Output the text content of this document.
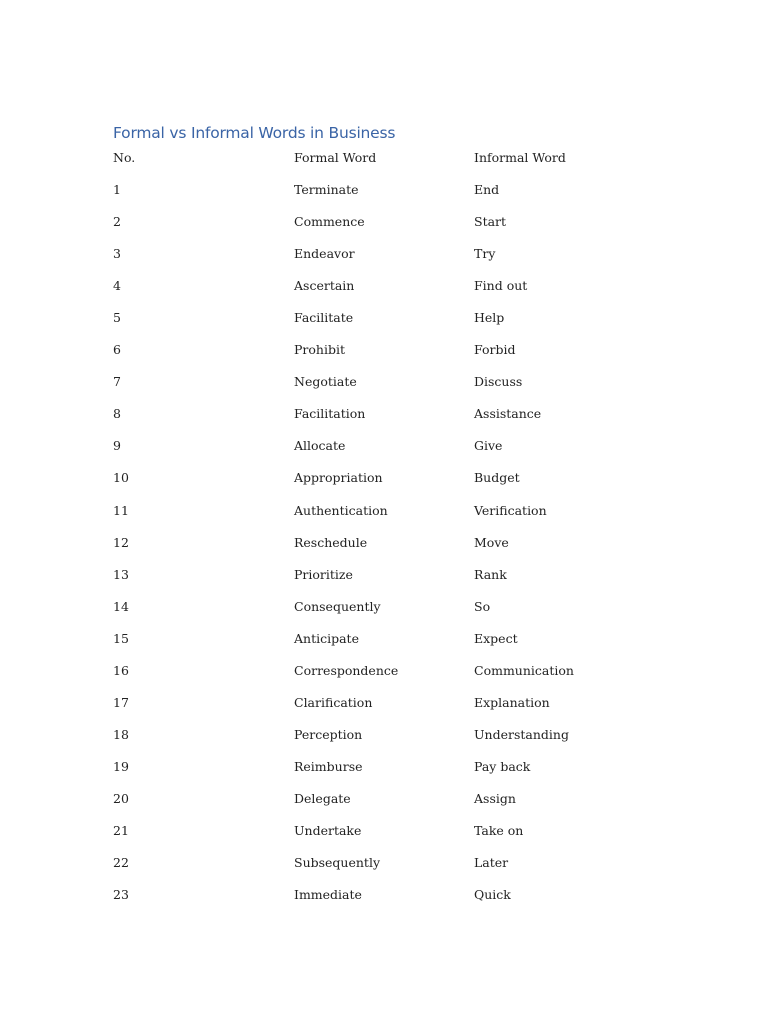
Formal vs Informal Words in Business
No.	Formal Word	Informal Word
1	Terminate	End
2	Commence	Start
3	Endeavor	Try
4	Ascertain	Find out
5	Facilitate	Help
6	Prohibit	Forbid
7	Negotiate	Discuss
8	Facilitation	Assistance
9	Allocate	Give
10	Appropriation	Budget
11	Authentication	Verification
12	Reschedule	Move
13	Prioritize	Rank
14	Consequently	So
15	Anticipate	Expect
16	Correspondence	Communication
17	Clarification	Explanation
18	Perception	Understanding
19	Reimburse	Pay back
20	Delegate	Assign
21	Undertake	Take on
22	Subsequently	Later
23	Immediate	Quick
